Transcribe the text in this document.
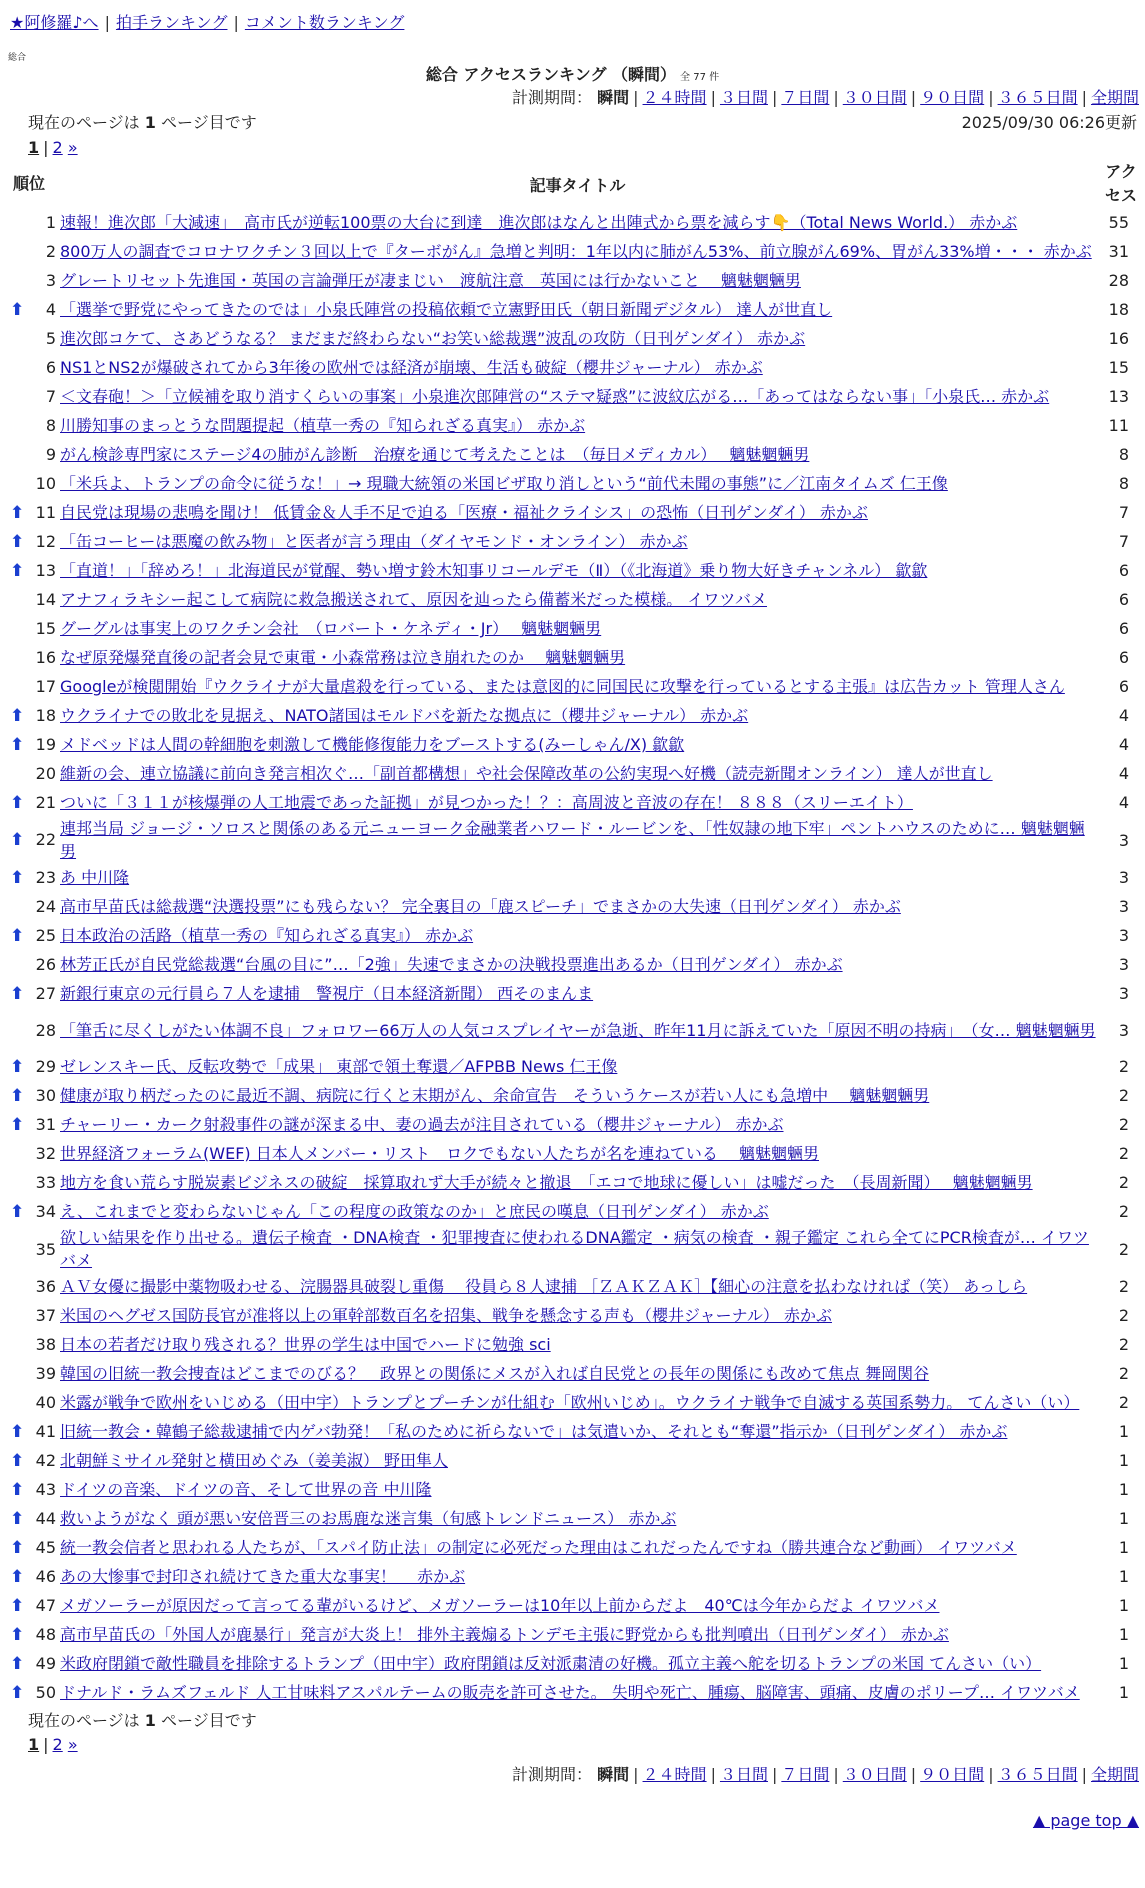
★阿修羅♪へ | 拍手ランキング | コメント数ランキング
総合
総合 アクセスランキング （瞬間） 全 77 件
計測期間： 瞬間 | ２４時間 | ３日間 | ７日間 | ３０日間 | ９０日間 | ３６５日間 | 全期間
現在のページは 1 ページ目です	2025/09/30 06:26更新
1 | 2 »
順位	記事タイトル	アクセス
1	速報！進次郎「大減速」　高市氏が逆転100票の大台に到達　進次郎はなんと出陣式から票を減らす👇（Total News World.） 赤かぶ	55
2	800万人の調査でコロナワクチン３回以上で『ターボがん』急増と判明：1年以内に肺がん53%、前立腺がん69%、胃がん33%増・・・ 赤かぶ	31
3	グレートリセット先進国・英国の言論弾圧が凄まじい　渡航注意　英国には行かないこと　 魑魅魍魎男	28

⬆ 4	「選挙で野党にやってきたのでは」小泉氏陣営の投稿依頼で立憲野田氏（朝日新聞デジタル） 達人が世直し	18
5	進次郎コケて、さあどうなる？ まだまだ終わらない“お笑い総裁選”波乱の攻防（日刊ゲンダイ） 赤かぶ	16
6	NS1とNS2が爆破されてから3年後の欧州では経済が崩壊、生活も破綻（櫻井ジャーナル） 赤かぶ	15
7	＜文春砲！＞「立候補を取り消すくらいの事案」小泉進次郎陣営の“ステマ疑惑”に波紋広がる…「あってはならない事」「小泉氏… 赤かぶ	13
8	川勝知事のまっとうな問題提起（植草一秀の『知られざる真実』） 赤かぶ	11
9	がん検診専門家にステージ4の肺がん診断　治療を通じて考えたことは　（毎日メディカル）　 魑魅魍魎男	8
10	「米兵よ、トランプの命令に従うな！」→ 現職大統領の米国ビザ取り消しという“前代未聞の事態”に／江南タイムズ 仁王像	8

⬆ 11	自民党は現場の悲鳴を聞け！ 低賃金＆人手不足で迫る「医療・福祉クライシス」の恐怖（日刊ゲンダイ） 赤かぶ	7

⬆ 12	「缶コーヒーは悪魔の飲み物」と医者が言う理由（ダイヤモンド・オンライン） 赤かぶ	7

⬆ 13	「直道！」「辞めろ！」北海道民が覚醒、勢い増す鈴木知事リコールデモ（Ⅱ）（《北海道》乗り物大好きチャンネル） 歙歙	6
14	アナフィラキシー起こして病院に救急搬送されて、原因を辿ったら備蓄米だった模様。 イワツバメ	6
15	グーグルは事実上のワクチン会社　（ロバート・ケネディ・Jr）　 魑魅魍魎男	6
16	なぜ原発爆発直後の記者会見で東電・小森常務は泣き崩れたのか　 魑魅魍魎男	6
17	Googleが検閲開始『ウクライナが大量虐殺を行っている、または意図的に同国民に攻撃を行っているとする主張』は広告カット 管理人さん	6

⬆ 18	ウクライナでの敗北を見据え、NATO諸国はモルドバを新たな拠点に（櫻井ジャーナル） 赤かぶ	4

⬆ 19	メドベッドは人間の幹細胞を刺激して機能修復能力をブーストする(みーしゃん/X) 歙歙	4
20	維新の会、連立協議に前向き発言相次ぐ…「副首都構想」や社会保障改革の公約実現へ好機（読売新聞オンライン） 達人が世直し	4

⬆ 21	ついに「３１１が核爆弾の人工地震であった証拠」が見つかった！？：高周波と音波の存在！ ８８８（スリーエイト）	4

⬆ 22	連邦当局 ジョージ・ソロスと関係のある元ニューヨーク金融業者ハワード・ルービンを、「性奴隷の地下牢」ペントハウスのために… 魑魅魍魎男	3

⬆ 23	あ 中川隆	3
24	高市早苗氏は総裁選“決選投票”にも残らない？ 完全裏目の「鹿スピーチ」でまさかの大失速（日刊ゲンダイ） 赤かぶ	3

⬆ 25	日本政治の活路（植草一秀の『知られざる真実』） 赤かぶ	3
26	林芳正氏が自民党総裁選“台風の目に”…「2強」失速でまさかの決戦投票進出あるか（日刊ゲンダイ） 赤かぶ	3

⬆ 27	新銀行東京の元行員ら７人を逮捕　警視庁（日本経済新聞） 西そのまんま	3
28	「筆舌に尽くしがたい体調不良」フォロワー66万人の人気コスプレイヤーが急逝、昨年11月に訴えていた「原因不明の持病」　（女… 魑魅魍魎男	3

⬆ 29	ゼレンスキー氏、反転攻勢で「成果」 東部で領土奪還／AFPBB News 仁王像	2

⬆ 30	健康が取り柄だったのに最近不調、病院に行くと末期がん、余命宣告　そういうケースが若い人にも急増中　 魑魅魍魎男	2

⬆ 31	チャーリー・カーク射殺事件の謎が深まる中、妻の過去が注目されている（櫻井ジャーナル） 赤かぶ	2
32	世界経済フォーラム(WEF) 日本人メンバー・リスト　ロクでもない人たちが名を連ねている　 魑魅魍魎男	2
33	地方を食い荒らす脱炭素ビジネスの破綻　採算取れず大手が続々と撤退　「エコで地球に優しい」は嘘だった　（長周新聞）　 魑魅魍魎男	2

⬆ 34	え、これまでと変わらないじゃん「この程度の政策なのか」と庶民の嘆息（日刊ゲンダイ） 赤かぶ	2
35	欲しい結果を作り出せる。遺伝子検査 ・DNA検査 ・犯罪捜査に使われるDNA鑑定 ・病気の検査 ・親子鑑定 これら全てにPCR検査が… イワツバメ	2
36	ＡＶ女優に撮影中薬物吸わせる、浣腸器具破裂し重傷　 役員ら８人逮捕 ［ＺＡＫＺＡＫ］【細心の注意を払わなければ（笑） あっしら	2
37	米国のヘグゼス国防長官が准将以上の軍幹部数百名を招集、戦争を懸念する声も（櫻井ジャーナル） 赤かぶ	2
38	日本の若者だけ取り残される？世界の学生は中国でハードに勉強 sci	2
39	韓国の旧統一教会捜査はどこまでのびる？　政界との関係にメスが入れば自民党との長年の関係にも改めて焦点 舞岡関谷	2
40	米露が戦争で欧州をいじめる（田中宇）トランプとプーチンが仕組む「欧州いじめ」。ウクライナ戦争で自滅する英国系勢力。 てんさい（い）	2

⬆ 41	旧統一教会・韓鶴子総裁逮捕で内ゲバ勃発！「私のために祈らないで」は気遣いか、それとも“奪還”指示か（日刊ゲンダイ） 赤かぶ	1

⬆ 42	北朝鮮ミサイル発射と横田めぐみ（姜美淑） 野田隼人	1

⬆ 43	ドイツの音楽、ドイツの音、そして世界の音 中川隆	1

⬆ 44	救いようがなく 頭が悪い安倍晋三のお馬鹿な迷言集（旬感トレンドニュース） 赤かぶ	1

⬆ 45	統一教会信者と思われる人たちが、「スパイ防止法」の制定に必死だった理由はこれだったんですね（勝共連合など動画） イワツバメ	1

⬆ 46	あの大惨事で封印され続けてきた重大な事実！　 赤かぶ	1

⬆ 47	メガソーラーが原因だって言ってる輩がいるけど、メガソーラーは10年以上前からだよ　40℃は今年からだよ イワツバメ	1

⬆ 48	高市早苗氏の「外国人が鹿暴行」発言が大炎上！ 排外主義煽るトンデモ主張に野党からも批判噴出（日刊ゲンダイ） 赤かぶ	1

⬆ 49	米政府閉鎖で敵性職員を排除するトランプ（田中宇）政府閉鎖は反対派粛清の好機。孤立主義へ舵を切るトランプの米国 てんさい（い）	1

⬆ 50	ドナルド・ラムズフェルド 人工甘味料アスパルテームの販売を許可させた。 失明や死亡、腫瘍、脳障害、頭痛、皮膚のポリープ… イワツバメ	1
現在のページは 1 ページ目です
1 | 2 »
計測期間： 瞬間 | ２４時間 | ３日間 | ７日間 | ３０日間 | ９０日間 | ３６５日間 | 全期間
▲ page top ▲
